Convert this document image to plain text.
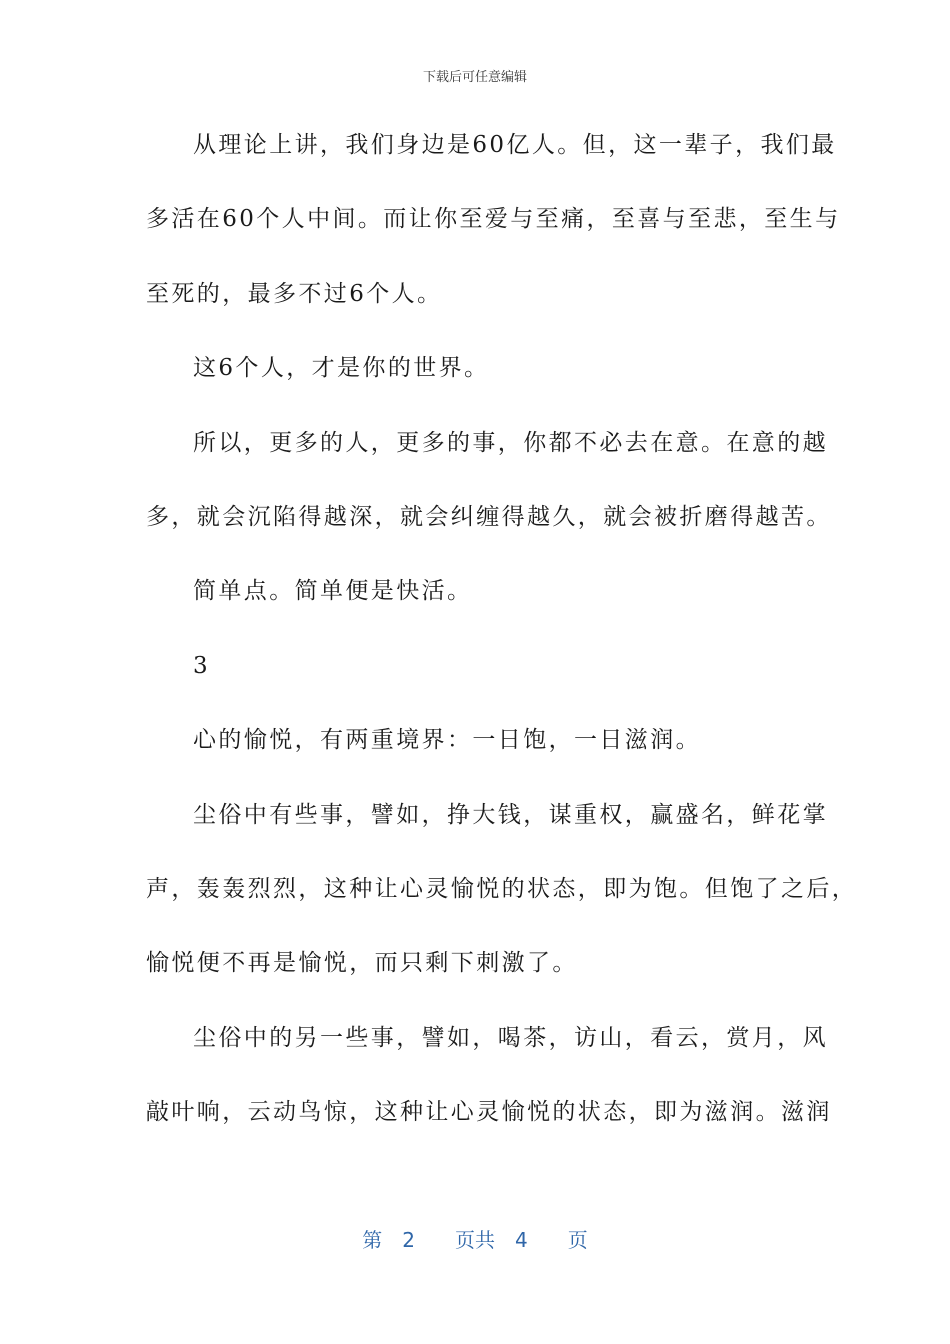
下载后可任意编辑
从理论上讲，我们身边是60亿人。但，这一辈子，我们最
多活在60个人中间。而让你至爱与至痛，至喜与至悲，至生与
至死的，最多不过6个人。
这6个人，才是你的世界。
所以，更多的人，更多的事，你都不必去在意。在意的越
多，就会沉陷得越深，就会纠缠得越久，就会被折磨得越苦。
简单点。简单便是快活。
3
心的愉悦，有两重境界：一日饱，一日滋润。
尘俗中有些事，譬如，挣大钱，谋重权，赢盛名，鲜花掌
声，轰轰烈烈，这种让心灵愉悦的状态，即为饱。但饱了之后，
愉悦便不再是愉悦，而只剩下刺激了。
尘俗中的另一些事，譬如，喝茶，访山，看云，赏月，风
敲叶响，云动鸟惊，这种让心灵愉悦的状态，即为滋润。滋润
第 2 页共 4 页
